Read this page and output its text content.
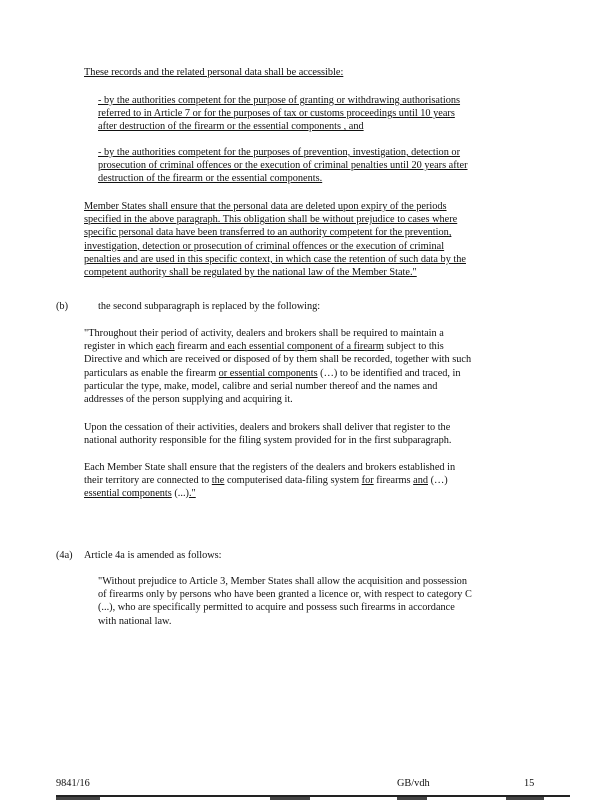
These records and the related personal data shall be accessible:

- by the authorities competent for the purpose of granting or withdrawing authorisations
referred to in Article 7 or for the purposes of tax or customs proceedings until 10 years
after destruction of the firearm or the essential components , and

- by the authorities competent for the purposes of prevention, investigation, detection or
prosecution of criminal offences or the execution of criminal penalties until 20 years after
destruction of the firearm or the essential components.

Member States shall ensure that the personal data are deleted upon expiry of the periods
specified in the above paragraph. This obligation shall be without prejudice to cases where
specific personal data have been transferred to an authority competent for the prevention,
investigation, detection or prosecution of criminal offences or the execution of criminal
penalties and are used in this specific context, in which case the retention of such data by the
competent authority shall be regulated by the national law of the Member State."

(b)	the second subparagraph is replaced by the following:

"Throughout their period of activity, dealers and brokers shall be required to maintain a
register in which each firearm and each essential component of a firearm subject to this
Directive and which are received or disposed of by them shall be recorded, together with such
particulars as enable the firearm or essential components (…) to be identified and traced, in
particular the type, make, model, calibre and serial number thereof and the names and
addresses of the person supplying and acquiring it.

Upon the cessation of their activities, dealers and brokers shall deliver that register to the
national authority responsible for the filing system provided for in the first subparagraph.

Each Member State shall ensure that the registers of the dealers and brokers established in
their territory are connected to the computerised data-filing system for firearms and (…)
essential components (...)."

(4a) Article 4a is amended as follows:

"Without prejudice to Article 3, Member States shall allow the acquisition and possession
of firearms only by persons who have been granted a licence or, with respect to category C
(...), who are specifically permitted to acquire and possess such firearms in accordance
with national law.

9841/16	GB/vdh	15
